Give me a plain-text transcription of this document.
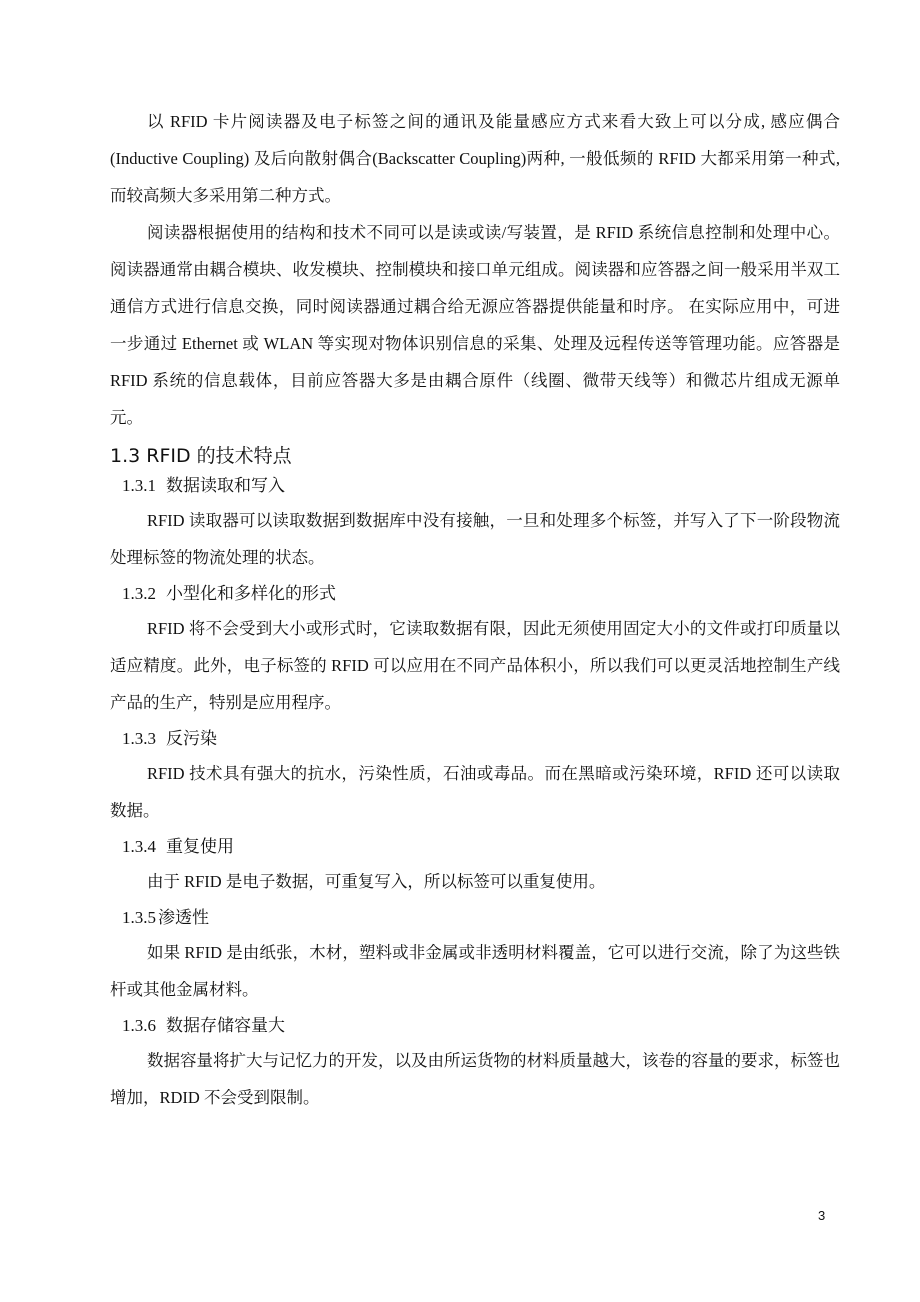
以 RFID 卡片阅读器及电子标签之间的通讯及能量感应方式来看大致上可以分成, 感应偶合(Inductive Coupling) 及后向散射偶合(Backscatter Coupling)两种, 一般低频的 RFID 大都采用第一种式, 而较高频大多采用第二种方式。

阅读器根据使用的结构和技术不同可以是读或读/写装置，是 RFID 系统信息控制和处理中心。阅读器通常由耦合模块、收发模块、控制模块和接口单元组成。阅读器和应答器之间一般采用半双工通信方式进行信息交换，同时阅读器通过耦合给无源应答器提供能量和时序。 在实际应用中，可进一步通过 Ethernet 或 WLAN 等实现对物体识别信息的采集、处理及远程传送等管理功能。应答器是 RFID 系统的信息载体，目前应答器大多是由耦合原件（线圈、微带天线等）和微芯片组成无源单元。

1.3 RFID 的技术特点
1.3.1 数据读取和写入

RFID 读取器可以读取数据到数据库中没有接触，一旦和处理多个标签，并写入了下一阶段物流处理标签的物流处理的状态。

1.3.2 小型化和多样化的形式

RFID 将不会受到大小或形式时，它读取数据有限，因此无须使用固定大小的文件或打印质量以适应精度。此外，电子标签的 RFID 可以应用在不同产品体积小，所以我们可以更灵活地控制生产线产品的生产，特别是应用程序。

1.3.3 反污染

RFID 技术具有强大的抗水，污染性质，石油或毒品。而在黑暗或污染环境，RFID 还可以读取数据。

1.3.4 重复使用

由于 RFID 是电子数据，可重复写入，所以标签可以重复使用。

1.3.5 渗透性

如果 RFID 是由纸张，木材，塑料或非金属或非透明材料覆盖，它可以进行交流，除了为这些铁杆或其他金属材料。

1.3.6 数据存储容量大

数据容量将扩大与记忆力的开发，以及由所运货物的材料质量越大，该卷的容量的要求，标签也增加，RDID 不会受到限制。

3
